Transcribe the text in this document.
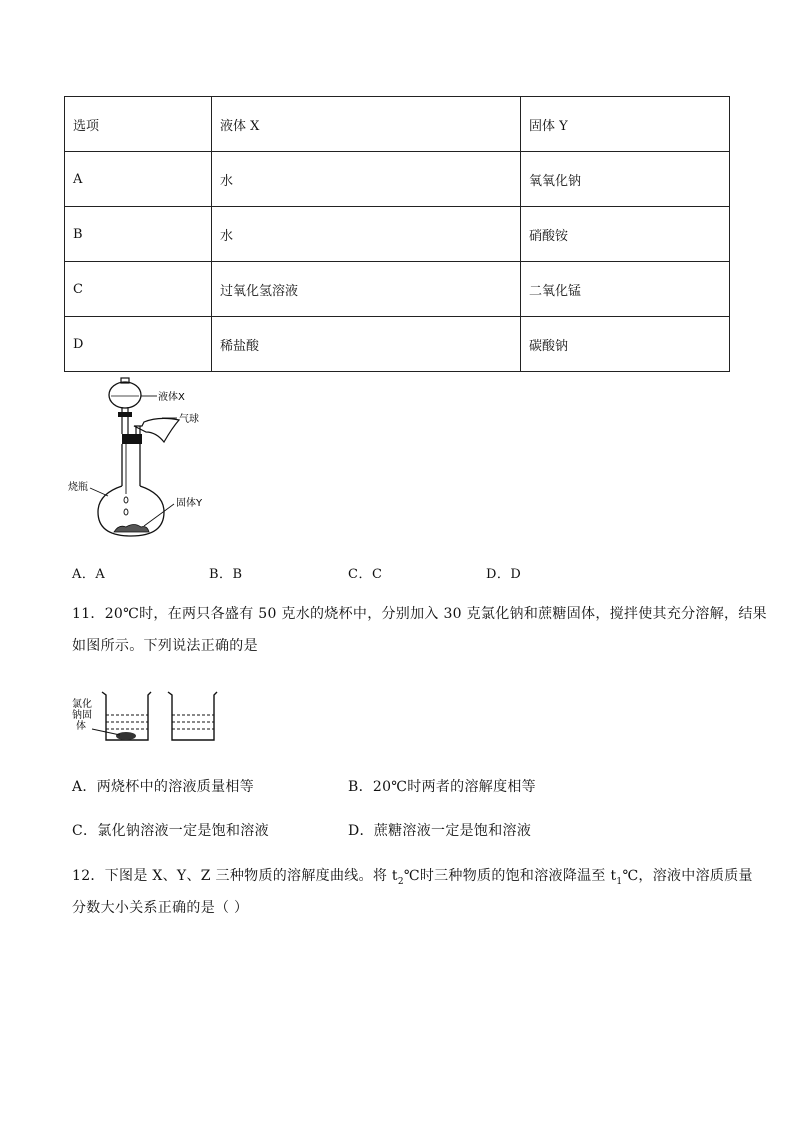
选项	液体 X	固体 Y
A	水	氧氧化钠
B	水	硝酸铵
C	过氧化氢溶液	二氧化锰
D	稀盐酸	碳酸钠
液体X
气球
烧瓶
固体Y
A．A	B．B	C．C	D．D
11．20℃时，在两只各盛有 50 克水的烧杯中，分别加入 30 克氯化钠和蔗糖固体，搅拌使其充分溶解，结果
如图所示。下列说法正确的是
氯化
钠固
体
A．两烧杯中的溶液质量相等	B．20℃时两者的溶解度相等
C．氯化钠溶液一定是饱和溶液	D．蔗糖溶液一定是饱和溶液
12．下图是 X、Y、Z 三种物质的溶解度曲线。将 $t_2℃$时三种物质的饱和溶液降温至 $t_1℃$，溶液中溶质质量
分数大小关系正确的是（ ）
